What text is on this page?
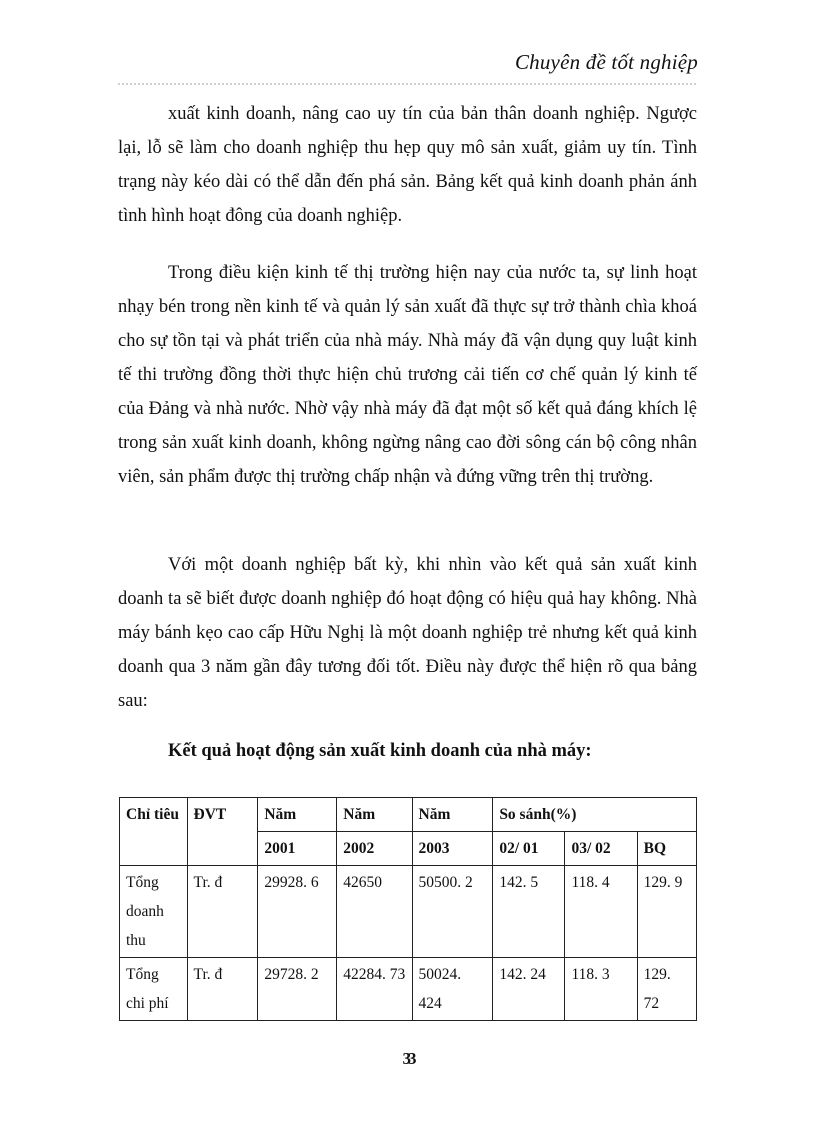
Chuyên đề tốt nghiệp

xuất kinh doanh, nâng cao uy tín của bản thân doanh nghiệp. Ngược lại, lỗ sẽ làm cho doanh nghiệp thu hẹp quy mô sản xuất, giảm uy tín. Tình trạng này kéo dài có thể dẫn đến phá sản. Bảng kết quả kinh doanh phản ánh tình hình hoạt đông của doanh nghiệp.

Trong điều kiện kinh tế thị trường hiện nay của nước ta, sự linh hoạt nhạy bén trong nền kinh tế và quản lý sản xuất đã thực sự trở thành chìa khoá cho sự tồn tại và phát triển của nhà máy. Nhà máy đã vận dụng quy luật kinh tế thi trường đồng thời thực hiện chủ trương cải tiến cơ chế quản lý kinh tế của Đảng và nhà nước. Nhờ vậy nhà máy đã đạt một số kết quả đáng khích lệ trong sản xuất kinh doanh, không ngừng nâng cao đời sông cán bộ công nhân viên, sản phẩm được thị trường chấp nhận và đứng vững trên thị trường.

Với một doanh nghiệp bất kỳ, khi nhìn vào kết quả sản xuất kinh doanh ta sẽ biết được doanh nghiệp đó hoạt động có hiệu quả hay không. Nhà máy bánh kẹo cao cấp Hữu Nghị là một doanh nghiệp trẻ nhưng kết quả kinh doanh qua 3 năm gần đây tương đối tốt. Điều này được thể hiện rõ qua bảng sau:

Kết quả hoạt động sản xuất kinh doanh của nhà máy:
Chỉ tiêu	ĐVT	Năm	Năm	Năm	So sánh(%)		
		2001	2002	2003	02/ 01	03/ 02	BQ
Tổng doanh thu	Tr. đ	29928. 6	42650	50500. 2	142. 5	118. 4	129. 9
Tổng chi phí	Tr. đ	29728. 2	42284. 73	50024. 424	142. 24	118. 3	129. 72
33
